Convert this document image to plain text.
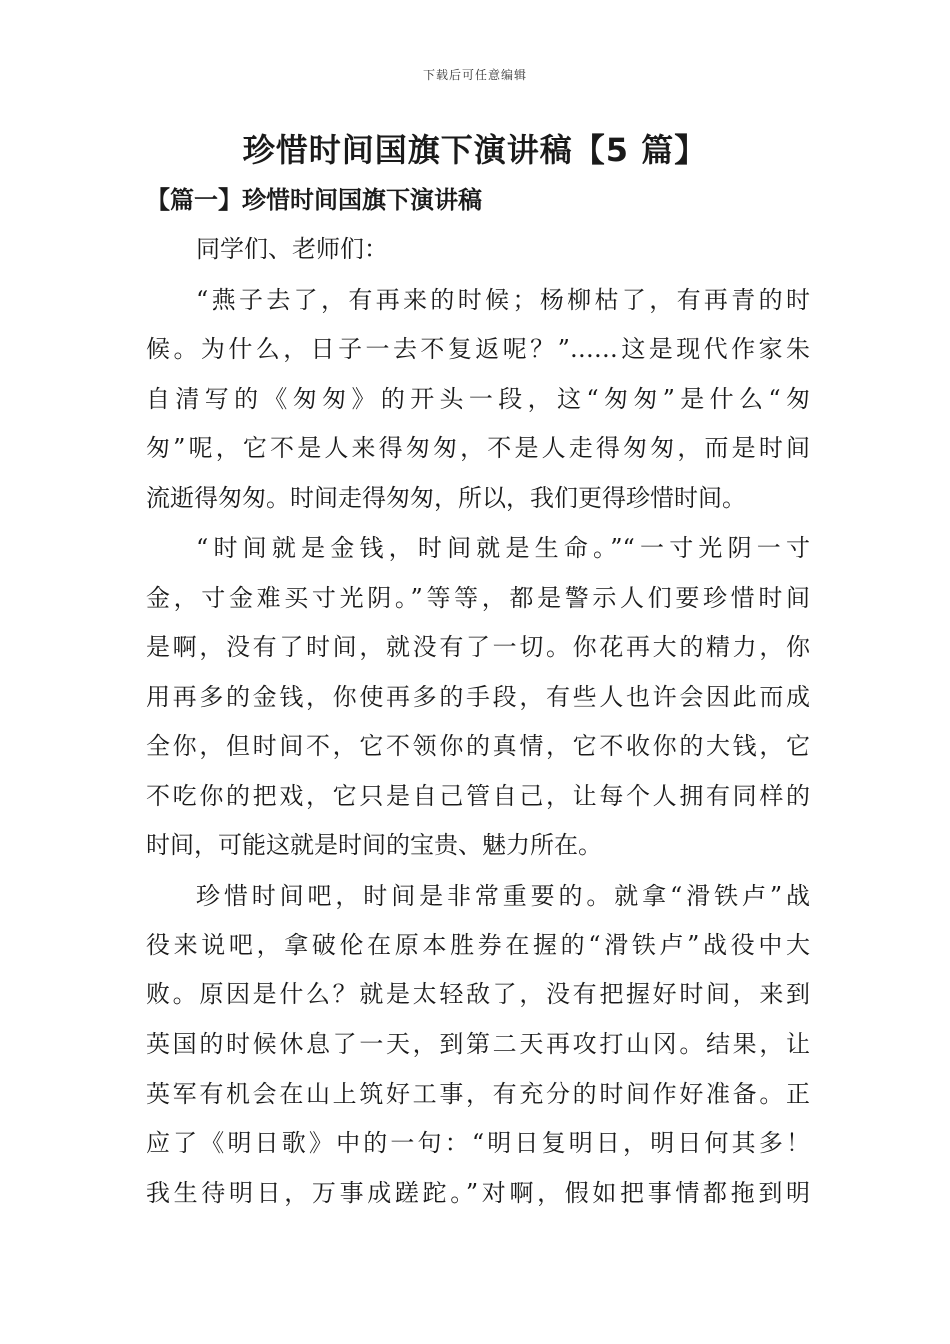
下载后可任意编辑
珍惜时间国旗下演讲稿【5 篇】
【篇一】珍惜时间国旗下演讲稿

同学们、老师们：

“燕子去了，有再来的时候；杨柳枯了，有再青的时

候。为什么，日子一去不复返呢？”……这是现代作家朱

自清写的《匆匆》的开头一段，这“匆匆”是什么“匆

匆”呢，它不是人来得匆匆，不是人走得匆匆，而是时间

流逝得匆匆。时间走得匆匆，所以，我们更得珍惜时间。

“时间就是金钱，时间就是生命。”“一寸光阴一寸

金，寸金难买寸光阴。”等等，都是警示人们要珍惜时间

是啊，没有了时间，就没有了一切。你花再大的精力，你

用再多的金钱，你使再多的手段，有些人也许会因此而成

全你，但时间不，它不领你的真情，它不收你的大钱，它

不吃你的把戏，它只是自己管自己，让每个人拥有同样的

时间，可能这就是时间的宝贵、魅力所在。

珍惜时间吧，时间是非常重要的。就拿“滑铁卢”战

役来说吧，拿破伦在原本胜券在握的“滑铁卢”战役中大

败。原因是什么？就是太轻敌了，没有把握好时间，来到

英国的时候休息了一天，到第二天再攻打山冈。结果，让

英军有机会在山上筑好工事，有充分的时间作好准备。正

应了《明日歌》中的一句：“明日复明日，明日何其多！

我生待明日，万事成蹉跎。”对啊，假如把事情都拖到明
